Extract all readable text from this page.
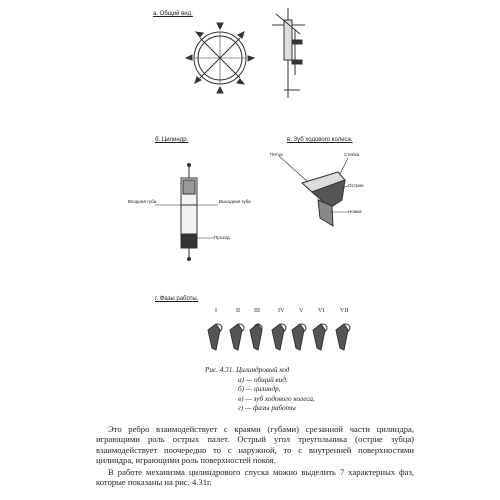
а. Общий вид.
б. Цилиндр.	в. Зуб ходового колеса.
г. Фазы работы.
Входная губа	Выходная губа
Проход
Пятка	Стенка
Острие
Ножка
I	II III	IV V VI	VII
Рис. 4.31. Цилиндровый ход
а) — общий вид,
б) — цилиндр,
в) — зуб ходового колеса,
г) — фазы работы

Это ребро взаимодействует с краями (губами) срезанной части цилиндра, играющими роль острых палет. Острый угол треугольника (острие зубца) взаимодействует поочередно то с наружной, то с внутренней поверхностями цилиндра, играющими роль поверхностей покоя.

В работе механизма цилиндрового спуска можно выделить 7 характерных фаз, которые показаны на рис. 4.31г.
